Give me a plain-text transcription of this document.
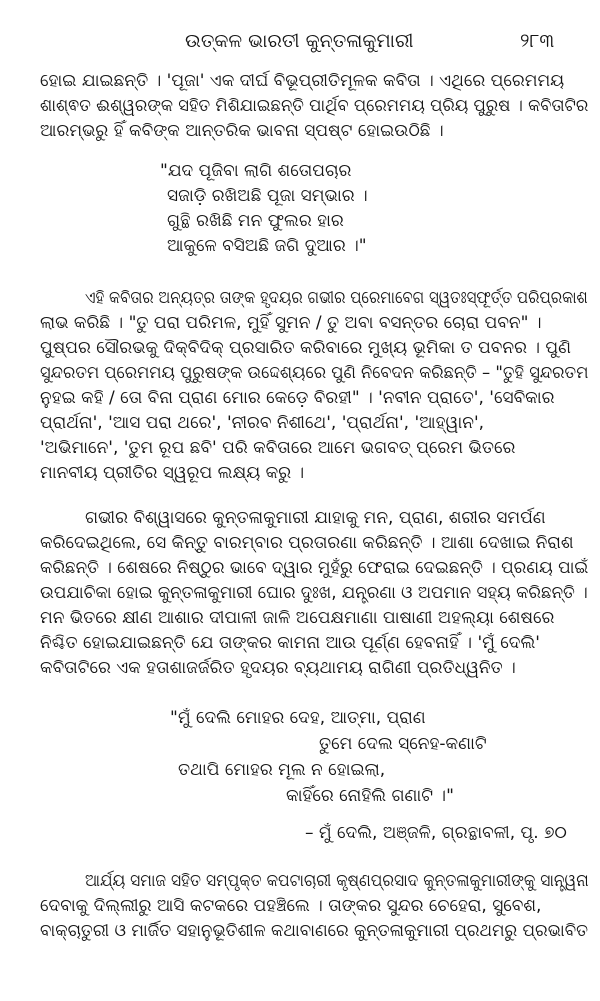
ଉତ୍କଳ ଭାରତୀ କୁନ୍ତଳାକୁମାରୀ	୨୮୩
ହୋଇ ଯାଇଛନ୍ତି । 'ପୂଜା' ଏକ ଦୀର୍ଘ ବିଭୂପ୍ରୀତିମୂଳକ କବିତା । ଏଥିରେ ପ୍ରେମମୟ
ଶାଶ୍ଵତ ଈଶ୍ୱରଙ୍କ ସହିତ ମିଶିଯାଇଛନ୍ତି ପାର୍ଥିବ ପ୍ରେମମୟ ପ୍ରିୟ ପୁରୁଷ । କବିତାଟିର
ଆରମ୍ଭରୁ ହିଁ କବିଙ୍କ ଆନ୍ତରିକ ଭାବନା ସ୍ପଷ୍ଟ ହୋଇଉଠିଛି ।
"ଯଦ ପୂଜିବା ଲାଗି ଶତୋପଚାର
ସଜାଡ଼ି ରଖିଅଛି ପୂଜା ସମ୍ଭାର ।
ଗୁନ୍ଥି ରଖିଛି ମନ ଫୁଲର ହାର
ଆକୁଳେ ବସିଅଛି ଜଗି ଦୁଆର ।"
ଏହି କବିତାର ଅନ୍ୟତ୍ର ତାଙ୍କ ହୃଦୟର ଗଭୀର ପ୍ରେମାବେଗ ସ୍ୱତଃସ୍ଫୂର୍ତ୍ତ ପରିପ୍ରକାଶ
ଲାଭ କରିଛି । "ତୁ ପରା ପରିମଳ, ମୁହିଁ ସୁମନ / ତୁ ଅବା ବସନ୍ତର ଚୋରା ପବନ" ।
ପୁଷ୍ପର ସୌରଭକୁ ଦିକ୍‌ବିଦିକ୍ ପ୍ରସାରିତ କରିବାରେ ମୁଖ୍ୟ ଭୂମିକା ତ ପବନର । ପୁଣି
ସୁନ୍ଦରତମ ପ୍ରେମମୟ ପୁରୁଷଙ୍କ ଉଦ୍ଦେଶ୍ୟରେ ପୁଣି ନିବେଦନ କରିଛନ୍ତି – "ତୁହି ସୁନ୍ଦରତମ
ନୁହଇ କହି / ତୋ ବିନା ପ୍ରାଣ ମୋର କେଡ଼େ ବିରହୀ" । 'ନବୀନ ପ୍ରାତେ', 'ସେବିକାର
ପ୍ରାର୍ଥନା', 'ଆସ ପରା ଥରେ', 'ନୀରବ ନିଶୀଥେ', 'ପ୍ରାର୍ଥନା', 'ଆହ୍ୱାନ',
'ଅଭିମାନେ', 'ତୁମ ରୂପ ଛବି' ପରି କବିତାରେ ଆମେ ଭଗବତ୍ ପ୍ରେମ ଭିତରେ
ମାନବୀୟ ପ୍ରୀତିର ସ୍ୱରୂପ ଲକ୍ଷ୍ୟ କରୁ ।
ଗଭୀର ବିଶ୍ୱାସରେ କୁନ୍ତଳାକୁମାରୀ ଯାହାକୁ ମନ, ପ୍ରାଣ, ଶରୀର ସମର୍ପଣ
କରିଦେଇଥିଲେ, ସେ କିନ୍ତୁ ବାରମ୍ବାର ପ୍ରତାରଣା କରିଛନ୍ତି । ଆଶା ଦେଖାଇ ନିରାଶ
କରିଛନ୍ତି । ଶେଷରେ ନିଷ୍ଠୁର ଭାବେ ଦ୍ୱାର ମୁହଁରୁ ଫେରାଇ ଦେଇଛନ୍ତି । ପ୍ରଣୟ ପାଇଁ
ଉପଯାଚିକା ହୋଇ କୁନ୍ତଳାକୁମାରୀ ଘୋର ଦୁଃଖ, ଯନ୍ତ୍ରଣା ଓ ଅପମାନ ସହ୍ୟ କରିଛନ୍ତି ।
ମନ ଭିତରେ କ୍ଷୀଣ ଆଶାର ଦୀପାଳୀ ଜାଳି ଅପେକ୍ଷମାଣା ପାଷାଣୀ ଅହଲ୍ୟା ଶେଷରେ
ନିଶ୍ଚିତ ହୋଇଯାଇଛନ୍ତି ଯେ ତାଙ୍କର କାମନା ଆଉ ପୂର୍ଣ୍ଣ ହେବନାହିଁ । 'ମୁଁ ଦେଲି'
କବିତାଟିରେ ଏକ ହତାଶାଜର୍ଜରିତ ହୃଦୟର ବ୍ୟଥାମୟ ରାଗିଣୀ ପ୍ରତିଧ୍ୱନିତ ।
"ମୁଁ ଦେଲି ମୋହର ଦେହ, ଆତ୍ମା, ପ୍ରାଣ
ତୁମେ ଦେଲ ସ୍ନେହ-କଣାଟି
ତଥାପି ମୋହର ମୂଲ ନ ହୋଇଲା,
କାହିଁରେ ନୋହିଲି ଗଣାଟି ।"
– ମୁଁ ଦେଲି, ଅଞ୍ଜଳି, ଗ୍ରନ୍ଥାବଳୀ, ପୃ. ୭୦
ଆର୍ଯ୍ୟ ସମାଜ ସହିତ ସମ୍ପୃକ୍ତ କପଟାଚାରୀ କୃଷ୍ଣପ୍ରସାଦ କୁନ୍ତଳାକୁମାରୀଙ୍କୁ ସାନ୍ତ୍ୱନା
ଦେବାକୁ ଦିଲ୍ଲୀରୁ ଆସି କଟକରେ ପହଞ୍ଚିଲେ । ତାଙ୍କର ସୁନ୍ଦର ଚେହେରା, ସୁବେଶ,
ବାକ୍‌ଚାତୁରୀ ଓ ମାର୍ଜିତ ସହାନୁଭୂତିଶୀଳ କଥାବାଣରେ କୁନ୍ତଳାକୁମାରୀ ପ୍ରଥମରୁ ପ୍ରଭାବିତ
